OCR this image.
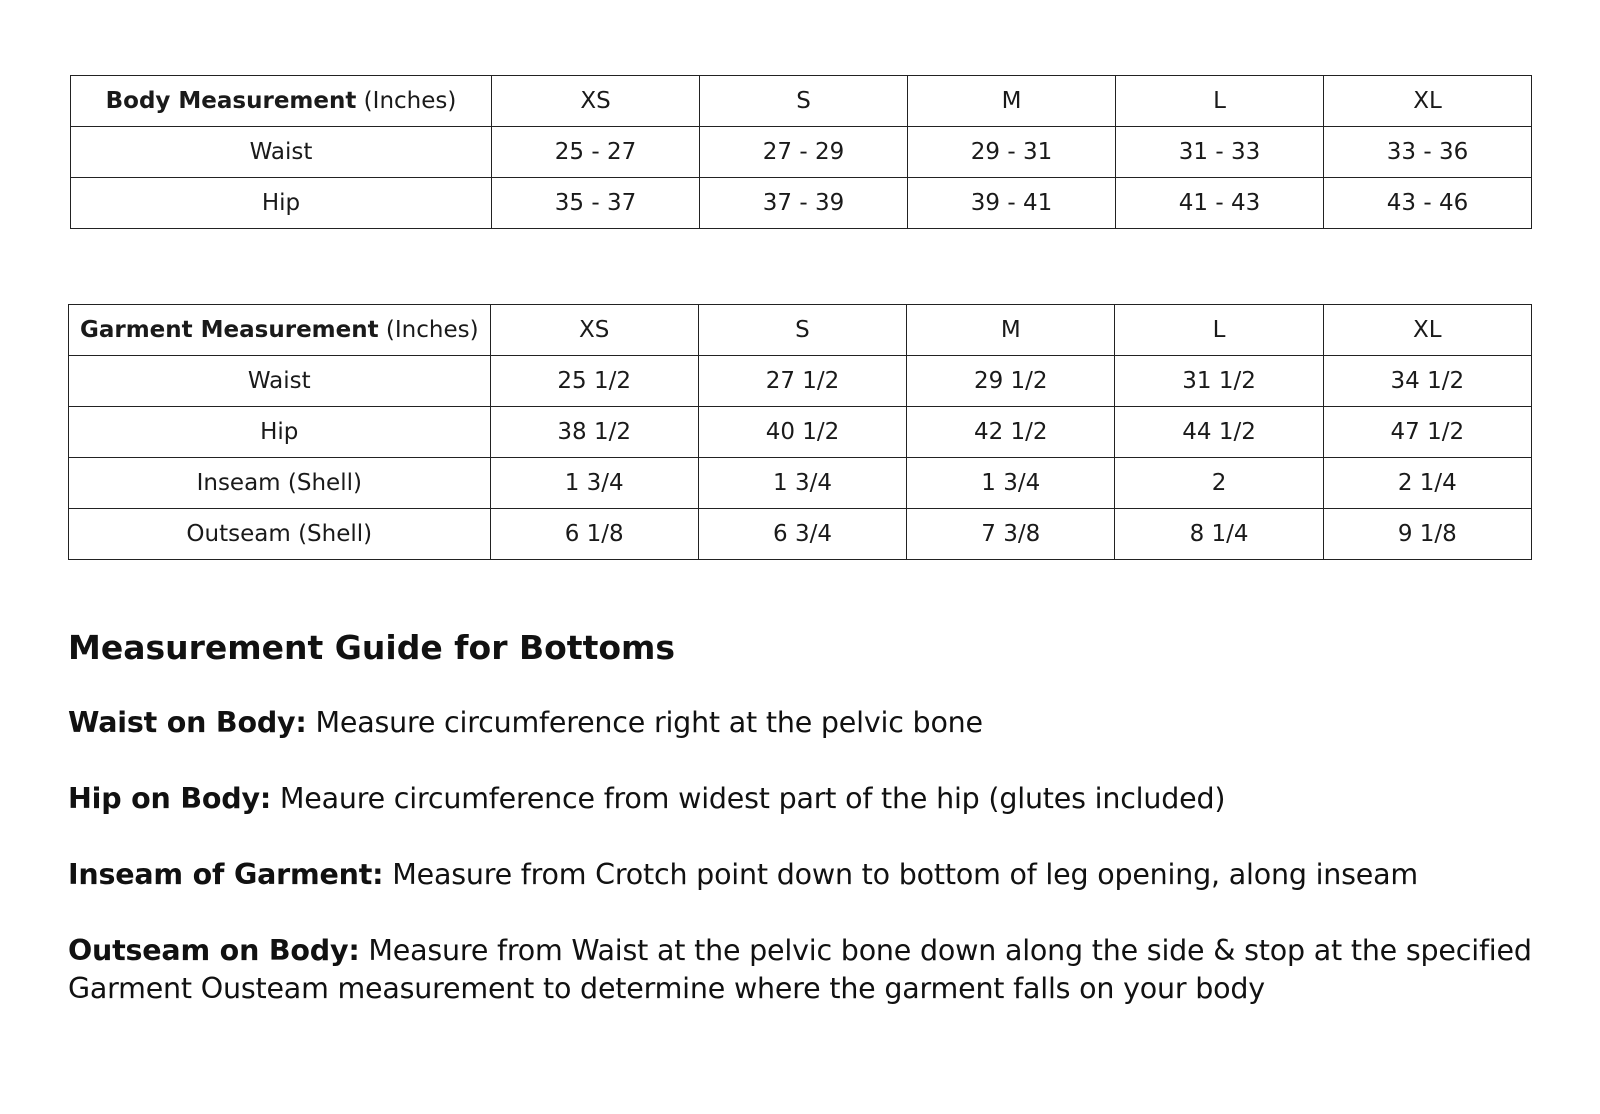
Body Measurement (Inches)	XS	S	M	L	XL
Waist	25 - 27	27 - 29	29 - 31	31 - 33	33 - 36
Hip	35 - 37	37 - 39	39 - 41	41 - 43	43 - 46
Garment Measurement (Inches)	XS	S	M	L	XL
Waist	25 1/2	27 1/2	29 1/2	31 1/2	34 1/2
Hip	38 1/2	40 1/2	42 1/2	44 1/2	47 1/2
Inseam (Shell)	1 3/4	1 3/4	1 3/4	2	2 1/4
Outseam (Shell)	6 1/8	6 3/4	7 3/8	8 1/4	9 1/8
Measurement Guide for Bottoms

Waist on Body: Measure circumference right at the pelvic bone

Hip on Body: Meaure circumference from widest part of the hip (glutes included)

Inseam of Garment: Measure from Crotch point down to bottom of leg opening, along inseam

Outseam on Body: Measure from Waist at the pelvic bone down along the side & stop at the specified Garment Ousteam measurement to determine where the garment falls on your body
